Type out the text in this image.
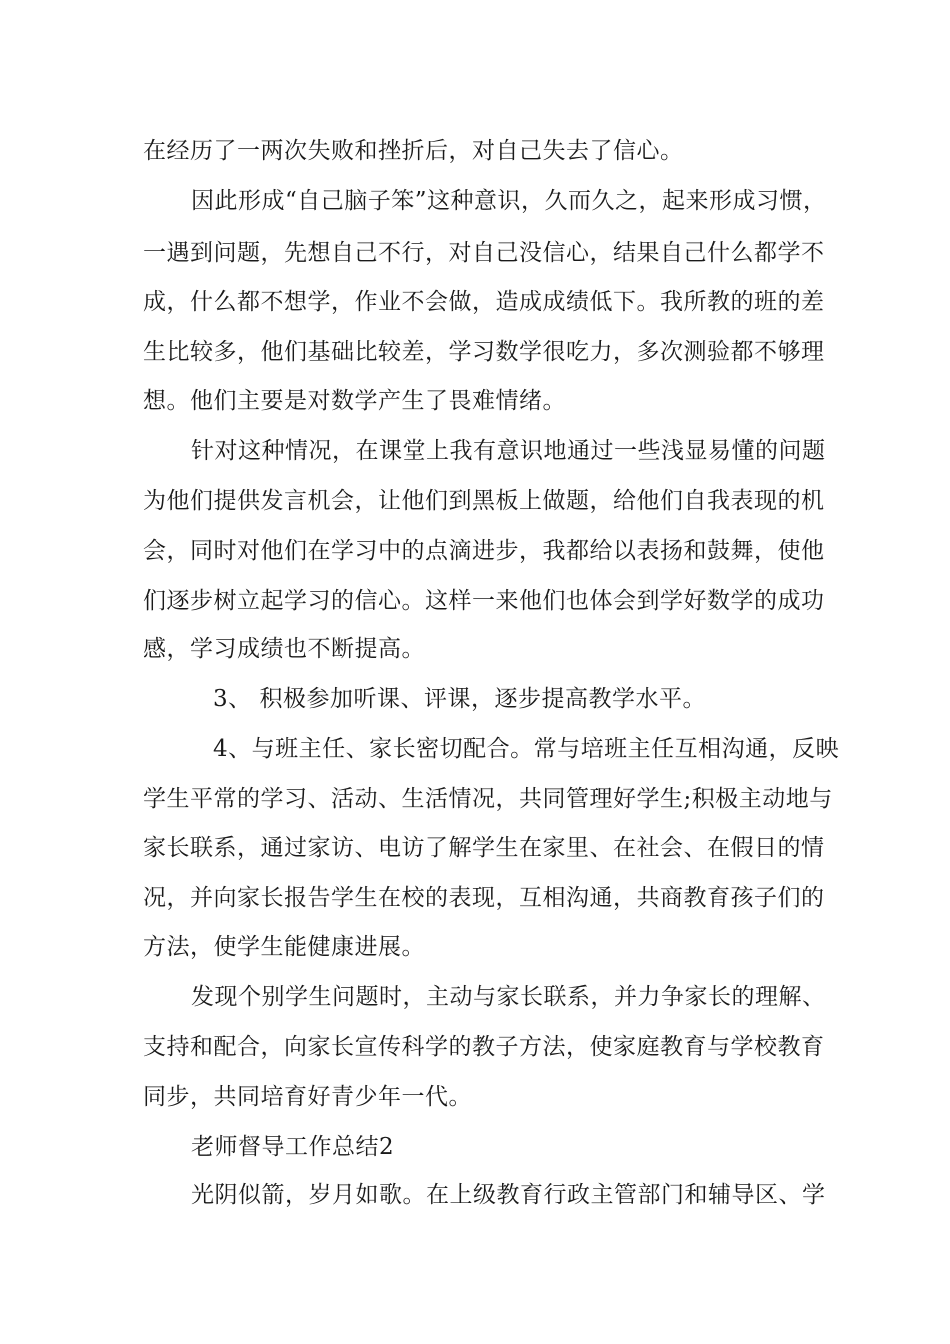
在经历了一两次失败和挫折后，对自己失去了信心。
因此形成“自己脑子笨”这种意识，久而久之，起来形成习惯，
一遇到问题，先想自己不行，对自己没信心，结果自己什么都学不
成，什么都不想学，作业不会做，造成成绩低下。我所教的班的差
生比较多，他们基础比较差，学习数学很吃力，多次测验都不够理
想。他们主要是对数学产生了畏难情绪。
针对这种情况，在课堂上我有意识地通过一些浅显易懂的问题
为他们提供发言机会，让他们到黑板上做题，给他们自我表现的机
会，同时对他们在学习中的点滴进步，我都给以表扬和鼓舞，使他
们逐步树立起学习的信心。这样一来他们也体会到学好数学的成功
感，学习成绩也不断提高。
3、 积极参加听课、评课，逐步提高教学水平。
4、与班主任、家长密切配合。常与培班主任互相沟通，反映
学生平常的学习、活动、生活情况，共同管理好学生;积极主动地与
家长联系，通过家访、电访了解学生在家里、在社会、在假日的情
况，并向家长报告学生在校的表现，互相沟通，共商教育孩子们的
方法，使学生能健康进展。
发现个别学生问题时，主动与家长联系，并力争家长的理解、
支持和配合，向家长宣传科学的教子方法，使家庭教育与学校教育
同步，共同培育好青少年一代。
老师督导工作总结2
光阴似箭，岁月如歌。在上级教育行政主管部门和辅导区、学
